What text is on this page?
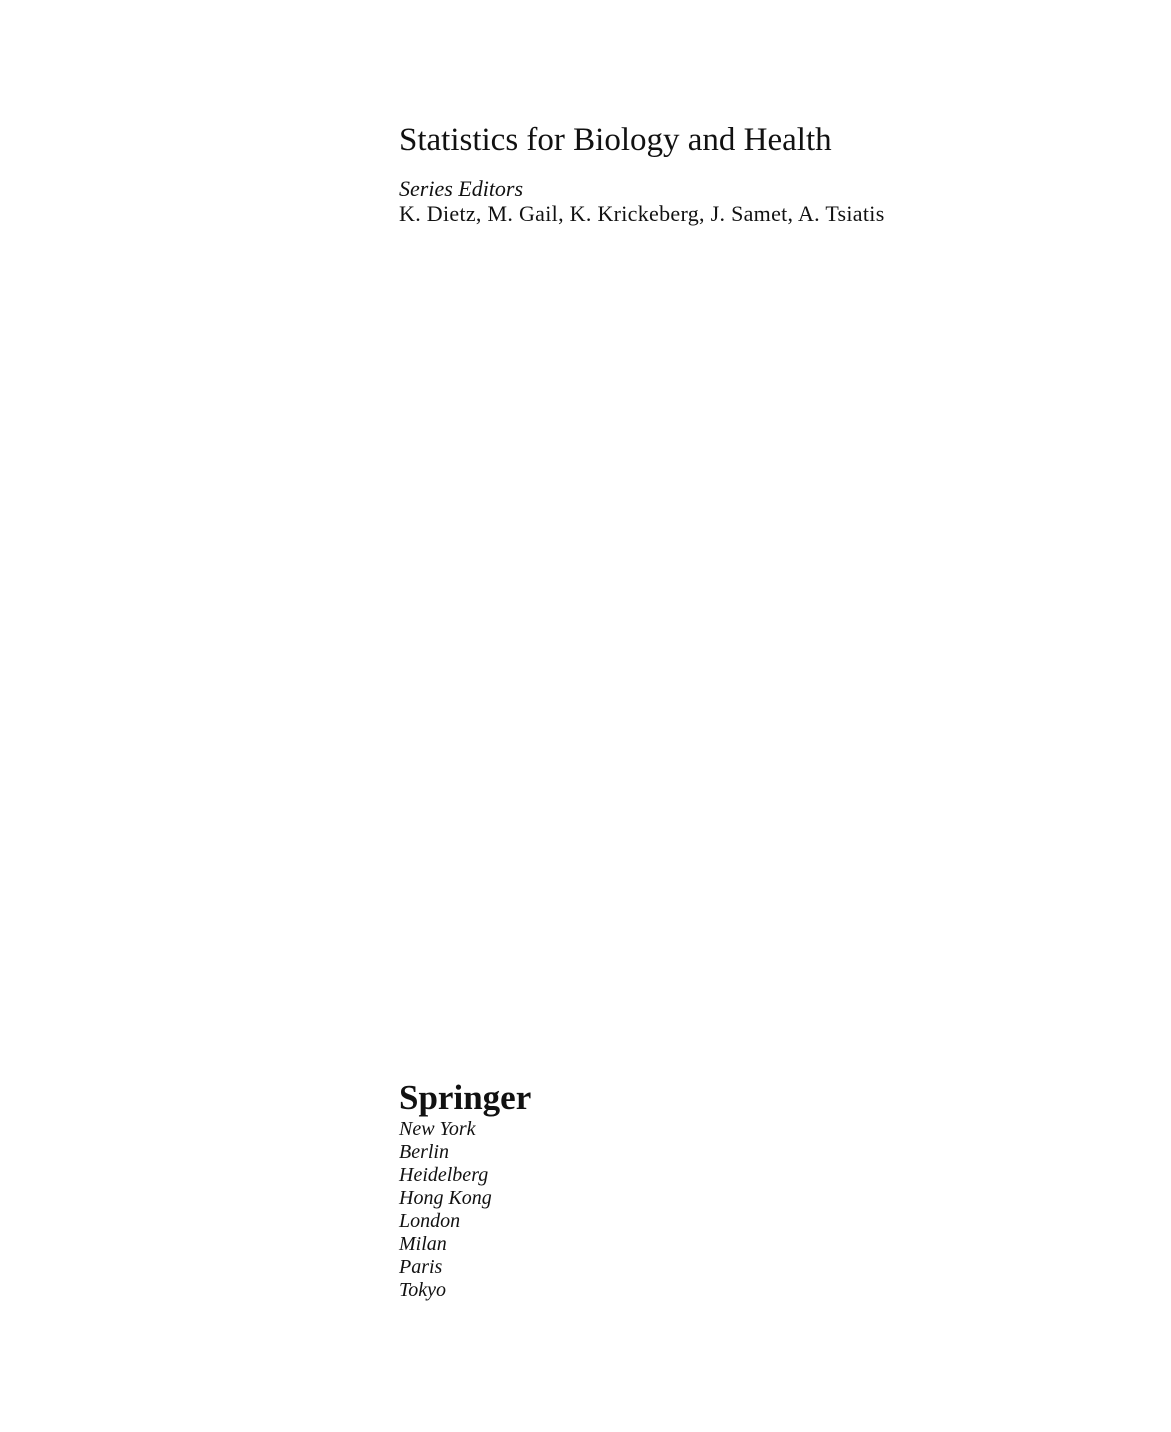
Statistics for Biology and Health
Series Editors
K. Dietz, M. Gail, K. Krickeberg, J. Samet, A. Tsiatis
Springer
New York
Berlin
Heidelberg
Hong Kong
London
Milan
Paris
Tokyo
